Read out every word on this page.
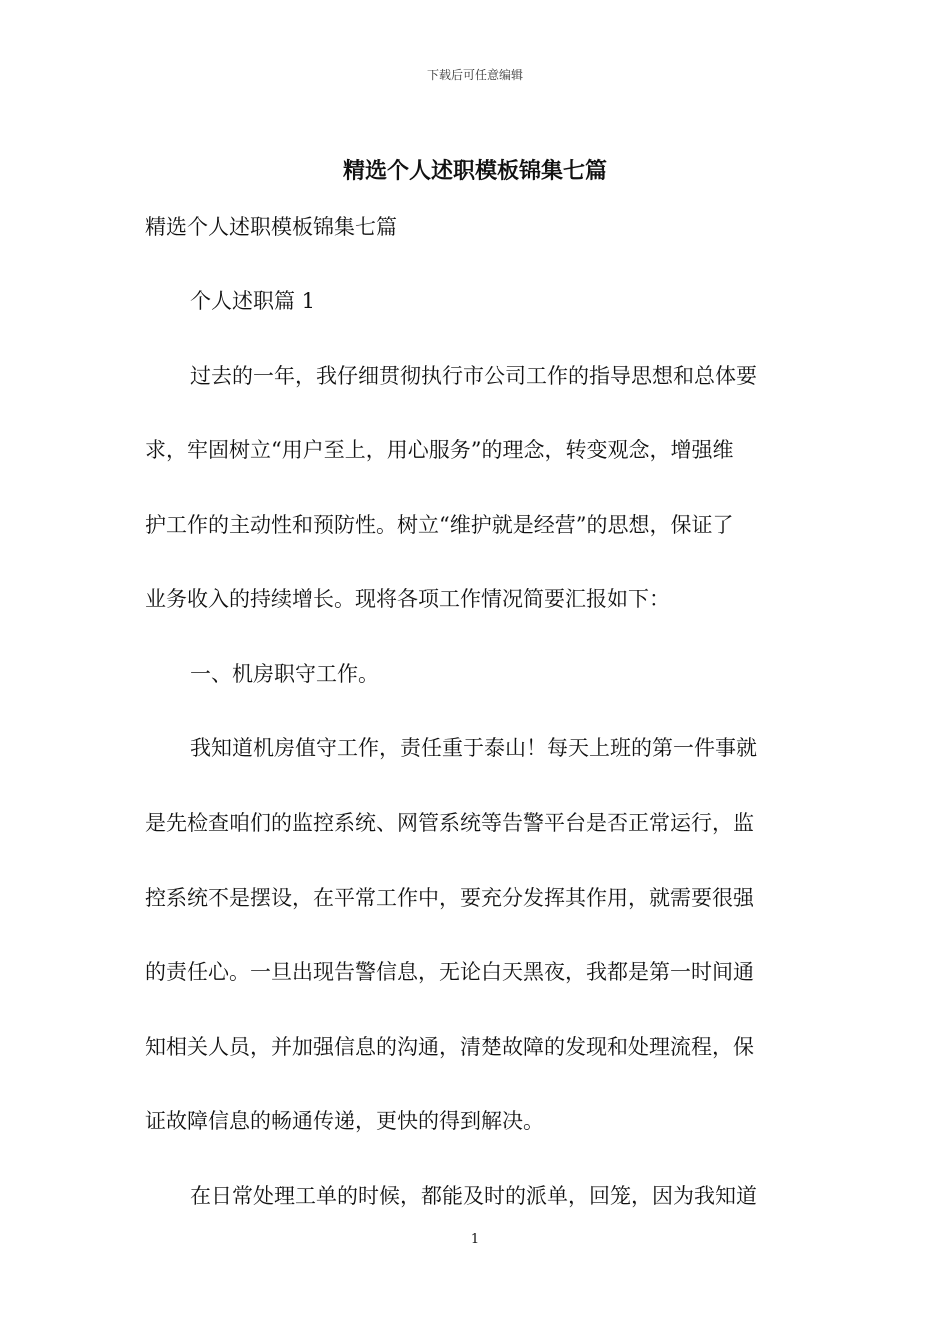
下载后可任意编辑
精选个人述职模板锦集七篇

精选个人述职模板锦集七篇

个人述职篇 1

过去的一年，我仔细贯彻执行市公司工作的指导思想和总体要

求，牢固树立“用户至上，用心服务”的理念，转变观念，增强维

护工作的主动性和预防性。树立“维护就是经营”的思想，保证了

业务收入的持续增长。现将各项工作情况简要汇报如下：

一、机房职守工作。

我知道机房值守工作，责任重于泰山！每天上班的第一件事就

是先检查咱们的监控系统、网管系统等告警平台是否正常运行，监

控系统不是摆设，在平常工作中，要充分发挥其作用，就需要很强

的责任心。一旦出现告警信息，无论白天黑夜，我都是第一时间通

知相关人员，并加强信息的沟通，清楚故障的发现和处理流程，保

证故障信息的畅通传递，更快的得到解决。

在日常处理工单的时候，都能及时的派单，回笼，因为我知道

1
